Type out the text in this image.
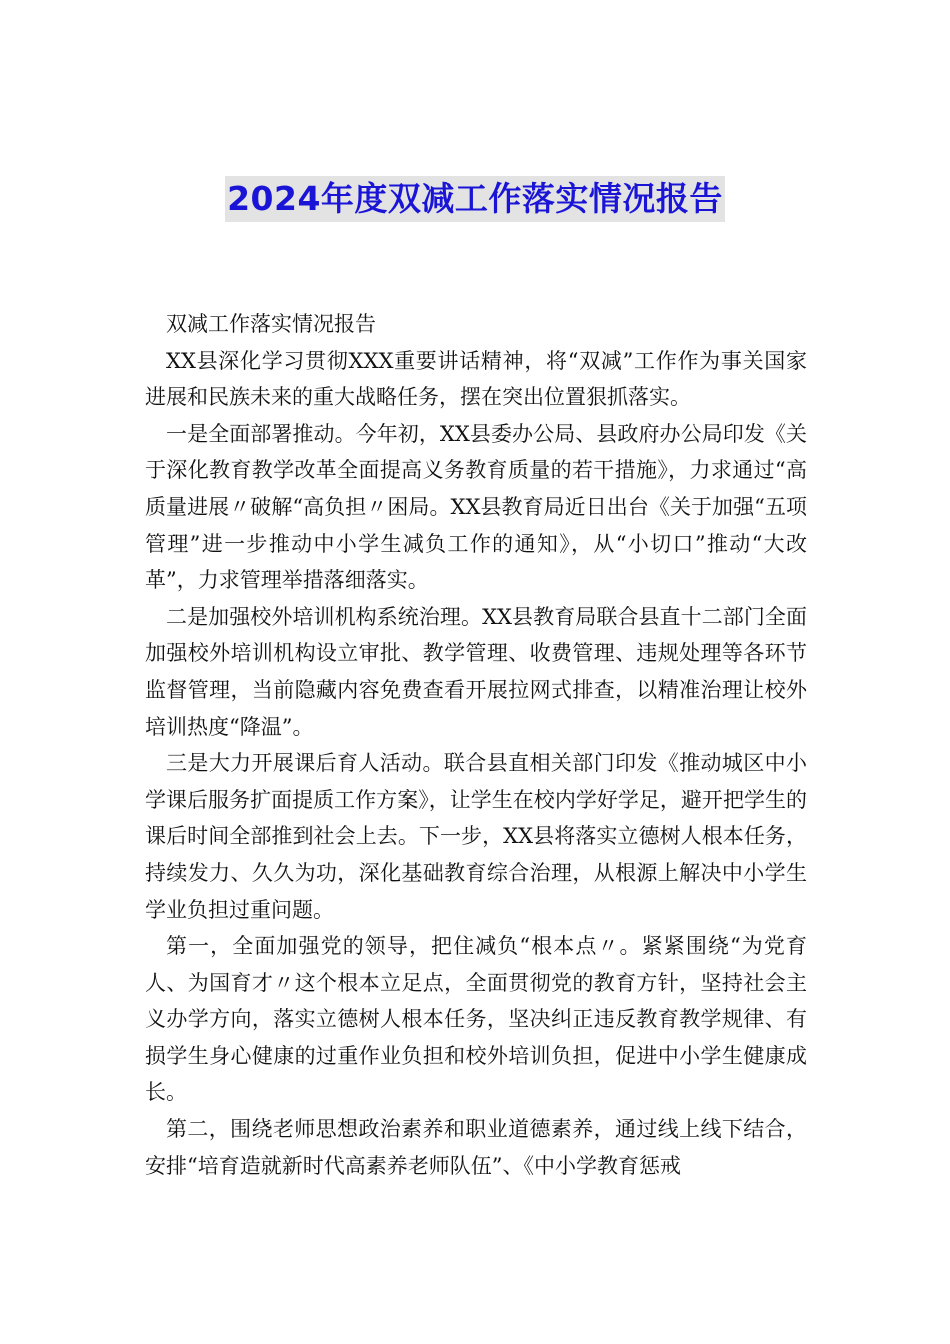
2024年度双减工作落实情况报告

双减工作落实情况报告

XX县深化学习贯彻XXX重要讲话精神，将“双减”工作作为事关国家进展和民族未来的重大战略任务，摆在突出位置狠抓落实。

一是全面部署推动。今年初，XX县委办公局、县政府办公局印发《关于深化教育教学改革全面提高义务教育质量的若干措施》，力求通过“高质量进展〃破解“高负担〃困局。XX县教育局近日出台《关于加强“五项管理”进一步推动中小学生减负工作的通知》，从“小切口”推动“大改革”，力求管理举措落细落实。

二是加强校外培训机构系统治理。XX县教育局联合县直十二部门全面加强校外培训机构设立审批、教学管理、收费管理、违规处理等各环节监督管理，当前隐藏内容免费查看开展拉网式排查，以精准治理让校外培训热度“降温”。

三是大力开展课后育人活动。联合县直相关部门印发《推动城区中小学课后服务扩面提质工作方案》，让学生在校内学好学足，避开把学生的课后时间全部推到社会上去。下一步，XX县将落实立德树人根本任务，持续发力、久久为功，深化基础教育综合治理，从根源上解决中小学生学业负担过重问题。

第一，全面加强党的领导，把住减负“根本点〃。紧紧围绕“为党育人、为国育才〃这个根本立足点，全面贯彻党的教育方针，坚持社会主义办学方向，落实立德树人根本任务，坚决纠正违反教育教学规律、有损学生身心健康的过重作业负担和校外培训负担，促进中小学生健康成长。

第二，围绕老师思想政治素养和职业道德素养，通过线上线下结合，安排“培育造就新时代高素养老师队伍”、《中小学教育惩戒
